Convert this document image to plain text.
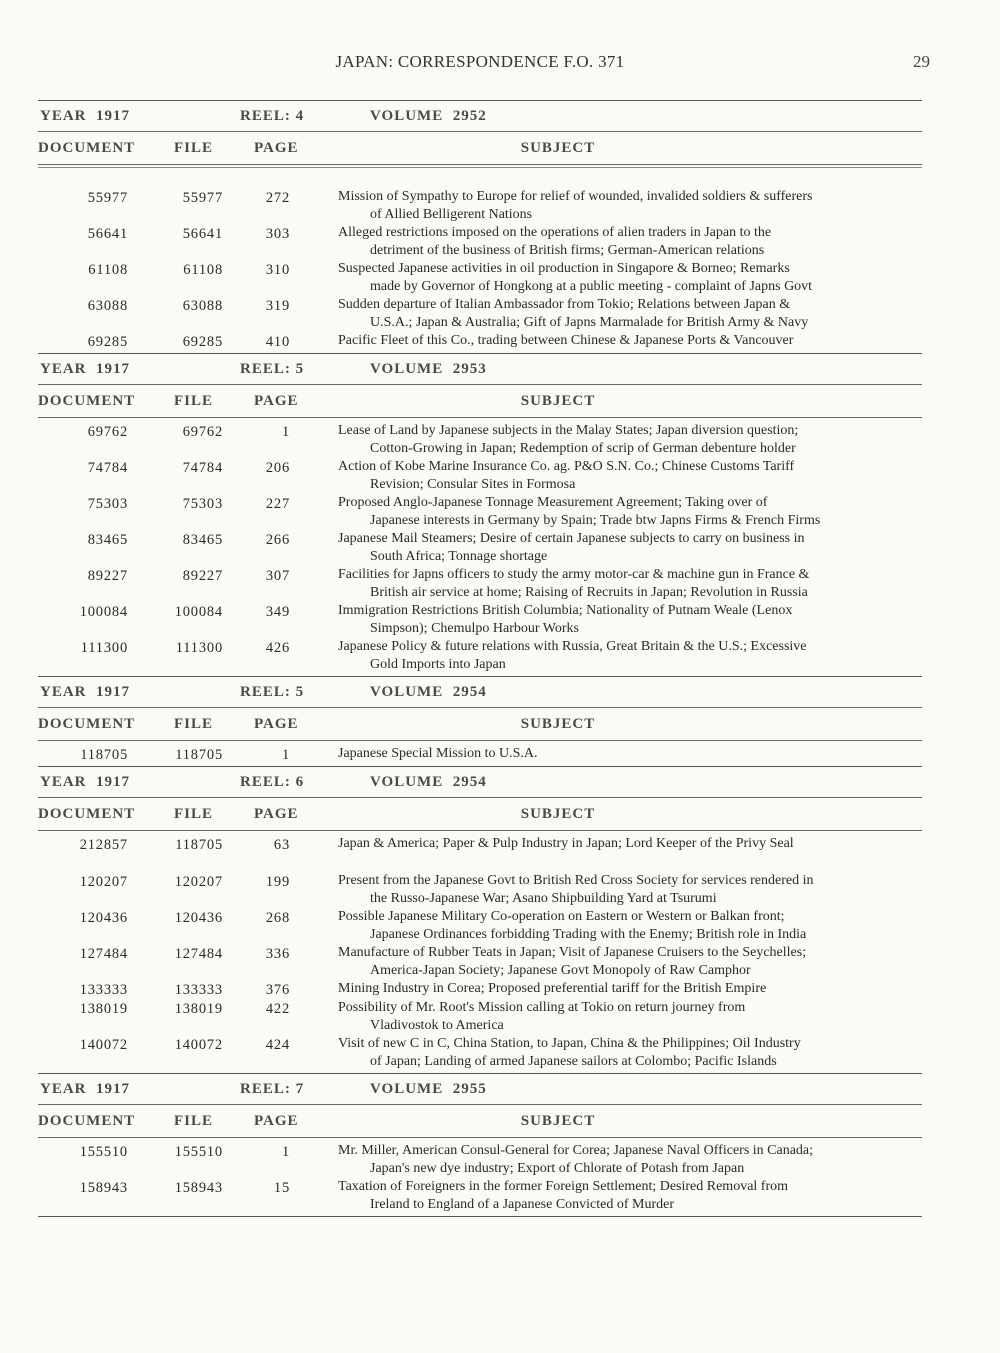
JAPAN: CORRESPONDENCE F.O. 371	29
YEAR 1917	REEL: 4	VOLUME 2952
DOCUMENT	FILE	PAGE	SUBJECT
55977	55977	272	Mission of Sympathy to Europe for relief of wounded, invalided soldiers & sufferers
of Allied Belligerent Nations
56641	56641	303	Alleged restrictions imposed on the operations of alien traders in Japan to the
detriment of the business of British firms; German-American relations
61108	61108	310	Suspected Japanese activities in oil production in Singapore & Borneo; Remarks
made by Governor of Hongkong at a public meeting - complaint of Japns Govt
63088	63088	319	Sudden departure of Italian Ambassador from Tokio; Relations between Japan &
U.S.A.; Japan & Australia; Gift of Japns Marmalade for British Army & Navy
69285	69285	410	Pacific Fleet of this Co., trading between Chinese & Japanese Ports & Vancouver
YEAR 1917	REEL: 5	VOLUME 2953
DOCUMENT	FILE	PAGE	SUBJECT
69762	69762	1	Lease of Land by Japanese subjects in the Malay States; Japan diversion question;
Cotton-Growing in Japan; Redemption of scrip of German debenture holder
74784	74784	206	Action of Kobe Marine Insurance Co. ag. P&O S.N. Co.; Chinese Customs Tariff
Revision; Consular Sites in Formosa
75303	75303	227	Proposed Anglo-Japanese Tonnage Measurement Agreement; Taking over of
Japanese interests in Germany by Spain; Trade btw Japns Firms & French Firms
83465	83465	266	Japanese Mail Steamers; Desire of certain Japanese subjects to carry on business in
South Africa; Tonnage shortage
89227	89227	307	Facilities for Japns officers to study the army motor-car & machine gun in France &
British air service at home; Raising of Recruits in Japan; Revolution in Russia
100084	100084	349	Immigration Restrictions British Columbia; Nationality of Putnam Weale (Lenox
Simpson); Chemulpo Harbour Works
111300	111300	426	Japanese Policy & future relations with Russia, Great Britain & the U.S.; Excessive
Gold Imports into Japan
YEAR 1917	REEL: 5	VOLUME 2954
DOCUMENT	FILE	PAGE	SUBJECT
118705	118705	1	Japanese Special Mission to U.S.A.
YEAR 1917	REEL: 6	VOLUME 2954
DOCUMENT	FILE	PAGE	SUBJECT
212857	118705	63	Japan & America; Paper & Pulp Industry in Japan; Lord Keeper of the Privy Seal
120207	120207	199	Present from the Japanese Govt to British Red Cross Society for services rendered in
the Russo-Japanese War; Asano Shipbuilding Yard at Tsurumi
120436	120436	268	Possible Japanese Military Co-operation on Eastern or Western or Balkan front;
Japanese Ordinances forbidding Trading with the Enemy; British role in India
127484	127484	336	Manufacture of Rubber Teats in Japan; Visit of Japanese Cruisers to the Seychelles;
America-Japan Society; Japanese Govt Monopoly of Raw Camphor
133333	133333	376	Mining Industry in Corea; Proposed preferential tariff for the British Empire
138019	138019	422	Possibility of Mr. Root's Mission calling at Tokio on return journey from
Vladivostok to America
140072	140072	424	Visit of new C in C, China Station, to Japan, China & the Philippines; Oil Industry
of Japan; Landing of armed Japanese sailors at Colombo; Pacific Islands
YEAR 1917	REEL: 7	VOLUME 2955
DOCUMENT	FILE	PAGE	SUBJECT
155510	155510	1	Mr. Miller, American Consul-General for Corea; Japanese Naval Officers in Canada;
Japan's new dye industry; Export of Chlorate of Potash from Japan
158943	158943	15	Taxation of Foreigners in the former Foreign Settlement; Desired Removal from
Ireland to England of a Japanese Convicted of Murder
